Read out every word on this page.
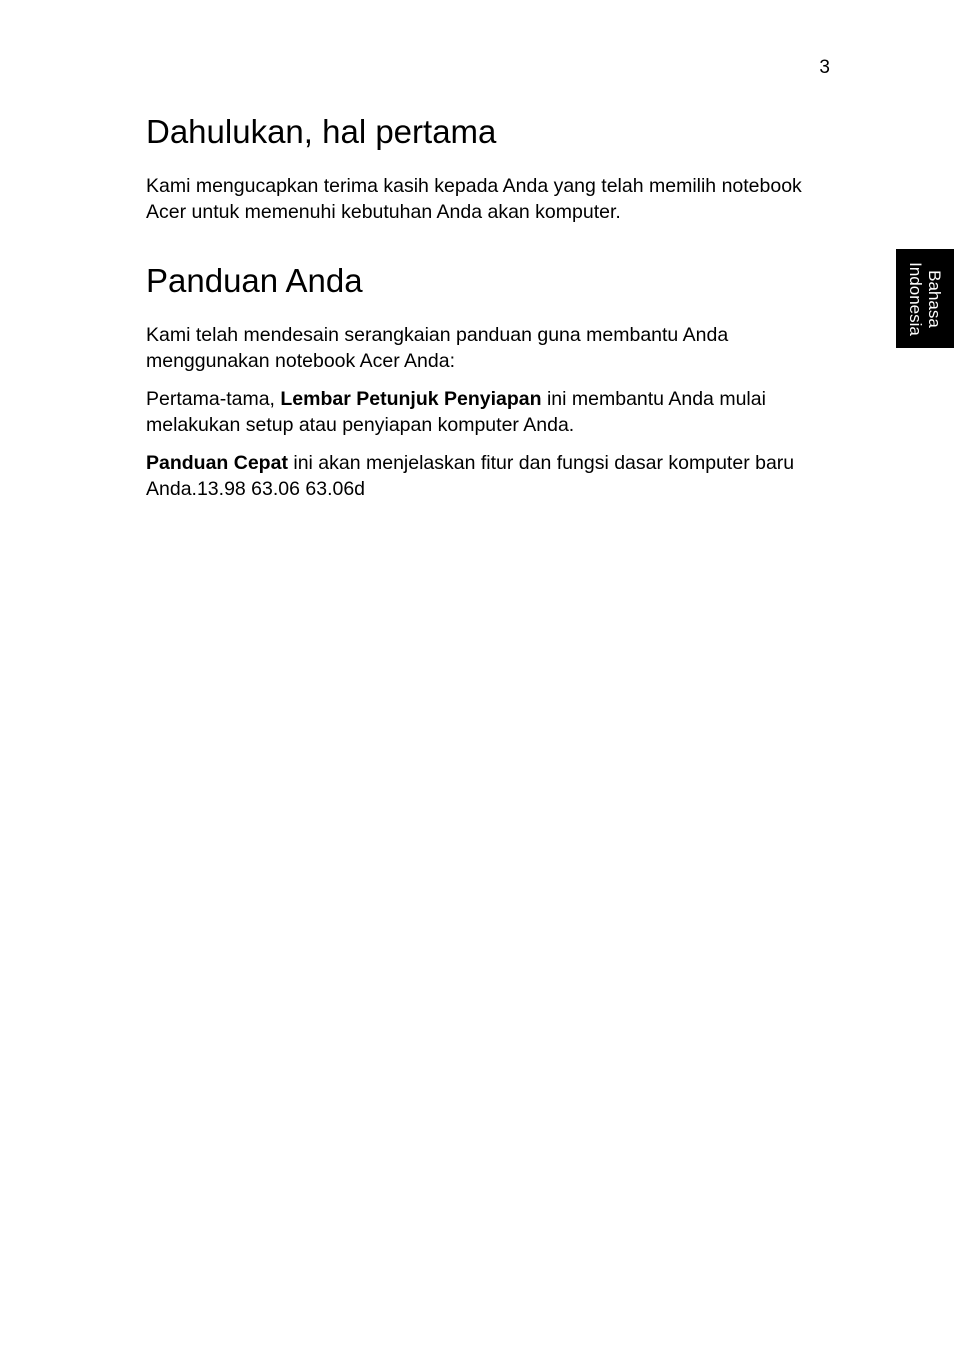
3
Bahasa
Indonesia
Dahulukan, hal pertama

Kami mengucapkan terima kasih kepada Anda yang telah memilih notebook Acer untuk memenuhi kebutuhan Anda akan komputer.

Panduan Anda

Kami telah mendesain serangkaian panduan guna membantu Anda menggunakan notebook Acer Anda:

Pertama-tama, Lembar Petunjuk Penyiapan ini membantu Anda mulai melakukan setup atau penyiapan komputer Anda.

Panduan Cepat ini akan menjelaskan fitur dan fungsi dasar komputer baru Anda.13.98 63.06 63.06d
